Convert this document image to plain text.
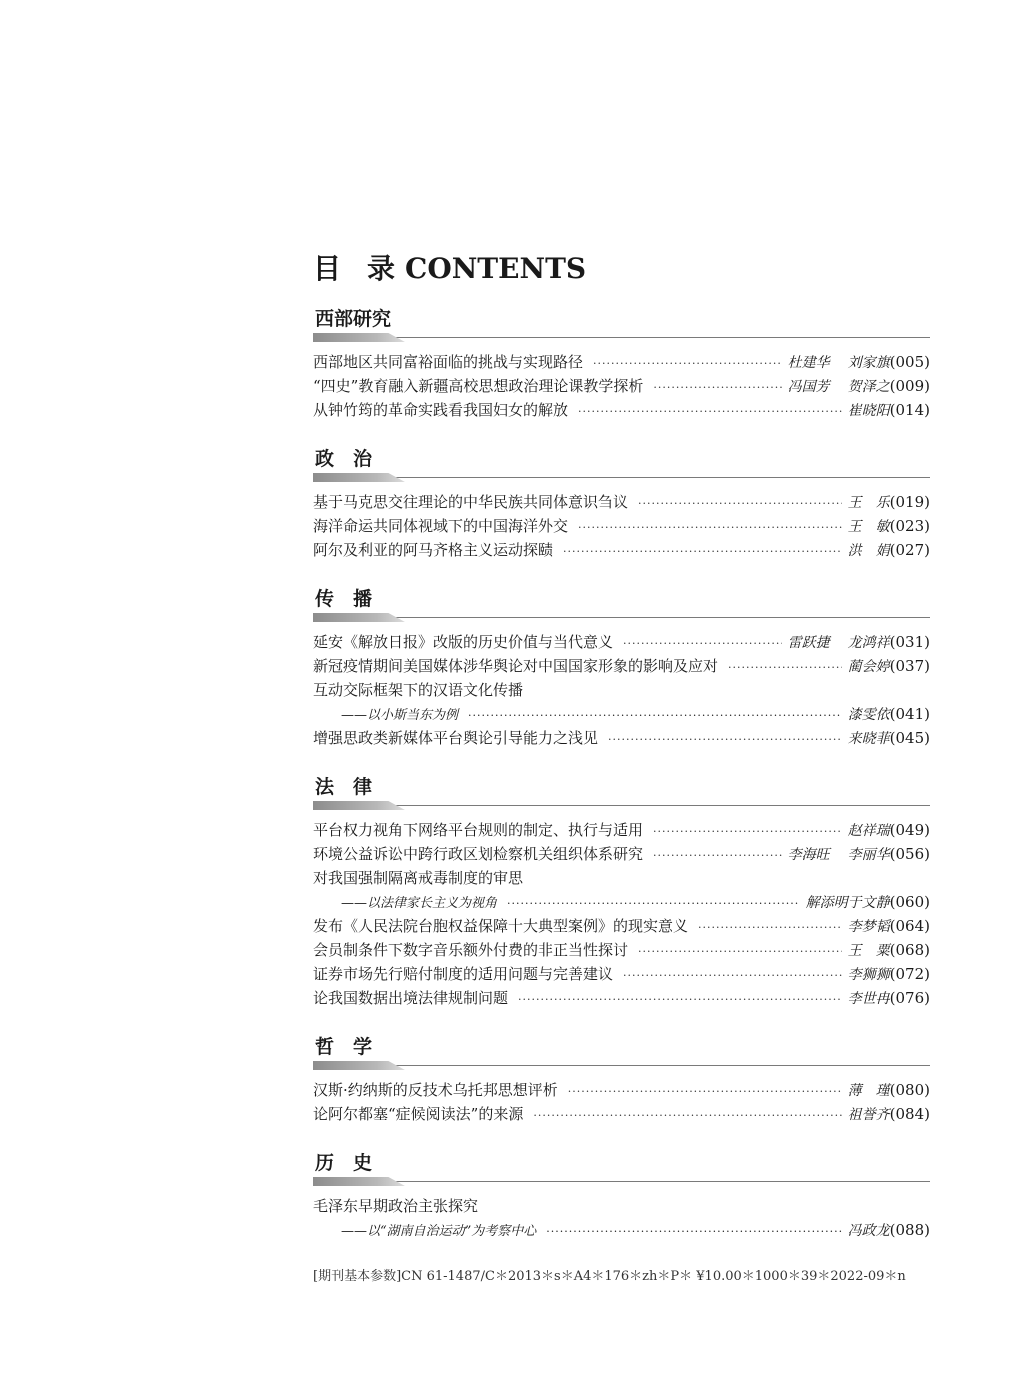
目 录 CONTENTS
西部研究
西部地区共同富裕面临的挑战与实现路径 ·····	杜建华 刘家旗 (005)
“四史”教育融入新疆高校思想政治理论课教学探析 ·····	冯国芳 贺泽之 (009)
从钟竹筠的革命实践看我国妇女的解放 ·····	崔晓阳 (014)
政　治
基于马克思交往理论的中华民族共同体意识刍议 ·····	王　乐 (019)
海洋命运共同体视域下的中国海洋外交 ·····	王　敏 (023)
阿尔及利亚的阿马齐格主义运动探赜 ·····	洪　娟 (027)
传　播
延安《解放日报》改版的历史价值与当代意义 ·····	雷跃捷 龙鸿祥 (031)
新冠疫情期间美国媒体涉华舆论对中国国家形象的影响及应对 ·····	蔺会婷 (037)
互动交际框架下的汉语文化传播
——以小斯当东为例 ·····	漆雯依 (041)
增强思政类新媒体平台舆论引导能力之浅见 ·····	来晓菲 (045)
法　律
平台权力视角下网络平台规则的制定、执行与适用 ·····	赵祥瑞 (049)
环境公益诉讼中跨行政区划检察机关组织体系研究 ·····	李海旺 李丽华 (056)
对我国强制隔离戒毒制度的审思
——以法律家长主义为视角 ·····	解添明 于文静 (060)
发布《人民法院台胞权益保障十大典型案例》的现实意义 ·····	李梦韬 (064)
会员制条件下数字音乐额外付费的非正当性探讨 ·····	王　粟 (068)
证券市场先行赔付制度的适用问题与完善建议 ·····	李狮狮 (072)
论我国数据出境法律规制问题 ·····	李世冉 (076)
哲　学
汉斯·约纳斯的反技术乌托邦思想评析 ·····	薄　瑾 (080)
论阿尔都塞“症候阅读法”的来源 ·····	祖誉齐 (084)
历　史
毛泽东早期政治主张探究
——以“湖南自治运动”为考察中心 ·····	冯政龙 (088)
[期刊基本参数]CN 61-1487/C＊2013＊s＊A4＊176＊zh＊P＊ ¥10.00＊1000＊39＊2022-09＊n
